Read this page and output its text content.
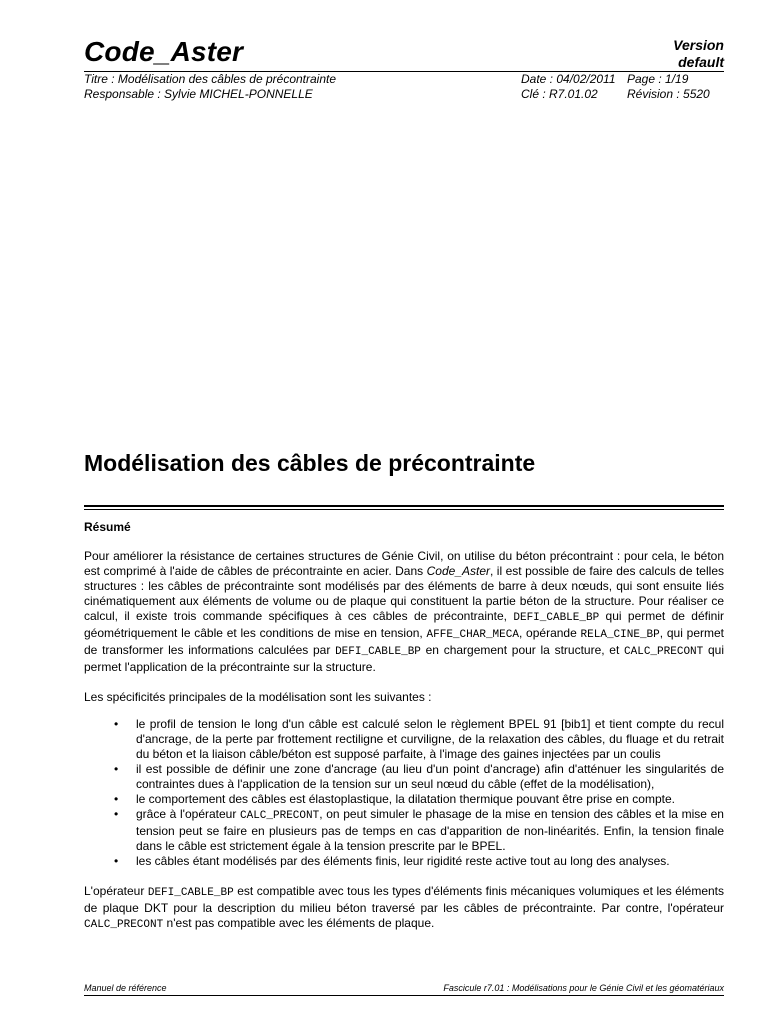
Code_Aster	Version
default
Titre : Modélisation des câbles de précontrainte
Responsable : Sylvie MICHEL-PONNELLE
Date : 04/02/2011 Page : 1/19
Clé : R7.01.02 Révision : 5520
Modélisation des câbles de précontrainte

Résumé

Pour améliorer la résistance de certaines structures de Génie Civil, on utilise du béton précontraint : pour cela, le béton est comprimé à l'aide de câbles de précontrainte en acier. Dans Code_Aster, il est possible de faire des calculs de telles structures : les câbles de précontrainte sont modélisés par des éléments de barre à deux nœuds, qui sont ensuite liés cinématiquement aux éléments de volume ou de plaque qui constituent la partie béton de la structure. Pour réaliser ce calcul, il existe trois commande spécifiques à ces câbles de précontrainte, DEFI_CABLE_BP qui permet de définir géométriquement le câble et les conditions de mise en tension, AFFE_CHAR_MECA, opérande RELA_CINE_BP, qui permet de transformer les informations calculées par DEFI_CABLE_BP en chargement pour la structure, et CALC_PRECONT qui permet l'application de la précontrainte sur la structure.

Les spécificités principales de la modélisation sont les suivantes :

• le profil de tension le long d'un câble est calculé selon le règlement BPEL 91 [bib1] et tient compte du recul d'ancrage, de la perte par frottement rectiligne et curviligne, de la relaxation des câbles, du fluage et du retrait du béton et la liaison câble/béton est supposé parfaite, à l'image des gaines injectées par un coulis
• il est possible de définir une zone d'ancrage (au lieu d'un point d'ancrage) afin d'atténuer les singularités de contraintes dues à l'application de la tension sur un seul nœud du câble (effet de la modélisation),
• le comportement des câbles est élastoplastique, la dilatation thermique pouvant être prise en compte.
• grâce à l'opérateur CALC_PRECONT, on peut simuler le phasage de la mise en tension des câbles et la mise en tension peut se faire en plusieurs pas de temps en cas d'apparition de non-linéarités. Enfin, la tension finale dans le câble est strictement égale à la tension prescrite par le BPEL.
• les câbles étant modélisés par des éléments finis, leur rigidité reste active tout au long des analyses.

L'opérateur DEFI_CABLE_BP est compatible avec tous les types d'éléments finis mécaniques volumiques et les éléments de plaque DKT pour la description du milieu béton traversé par les câbles de précontrainte. Par contre, l'opérateur CALC_PRECONT n'est pas compatible avec les éléments de plaque.

Manuel de référence	Fascicule r7.01 : Modélisations pour le Génie Civil et les géomatériaux
